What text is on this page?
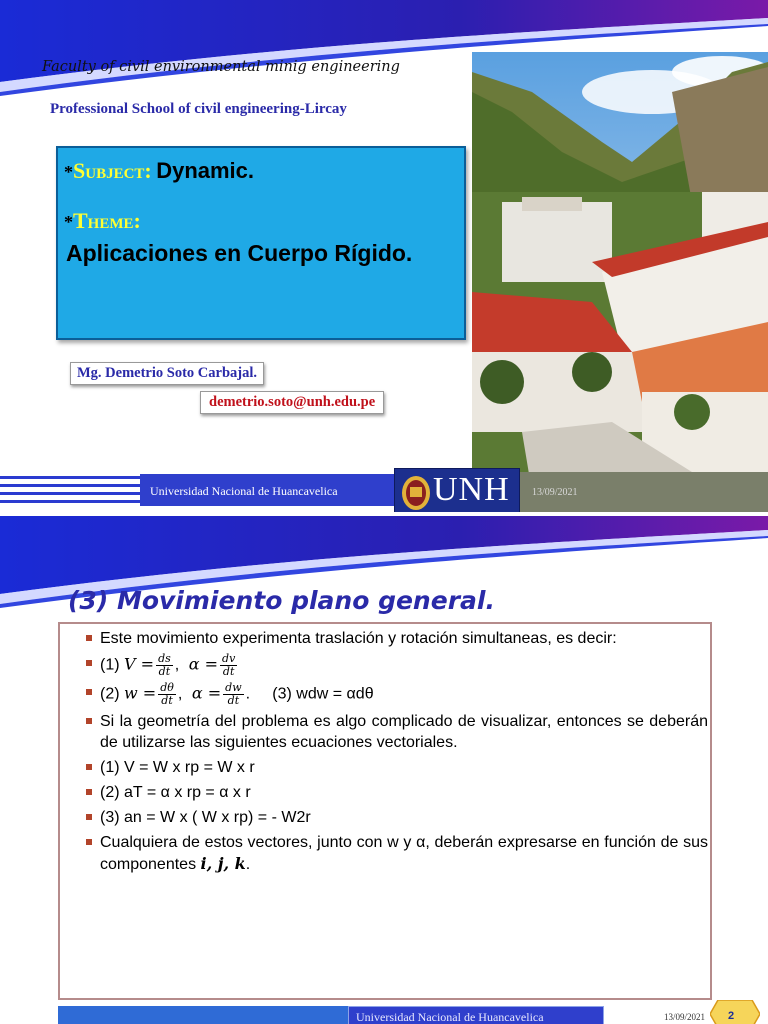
Faculty of civil environmental minig engineering
Professional School of civil engineering-Lircay
*Subject: Dynamic.
*Theme:
Aplicaciones en Cuerpo Rígido.
Mg. Demetrio Soto Carbajal.
demetrio.soto@unh.edu.pe
Universidad Nacional de Huancavelica	UNH 13/09/2021
(3) Movimiento plano general.
Este movimiento experimenta traslación y rotación simultaneas, es decir:
(1) $V = \frac{ds}{dt}$ ,  $\alpha = \frac{dv}{dt}$
(2) $w = \frac{d\theta}{dt}$ ,  $\alpha = \frac{dw}{dt}$ .     (3) wdw = αdθ
Si la geometría del problema es algo complicado de visualizar, entonces se deberán de utilizarse las siguientes ecuaciones vectoriales.
(1) V = W x rp = W x r
(2) aT = α x rp = α x r
(3) an = W x ( W x rp) = - W2r
Cualquiera de estos vectores, junto con w y α, deberán expresarse en función de sus componentes i, j, k.
Universidad Nacional de Huancavelica	13/09/2021 2
